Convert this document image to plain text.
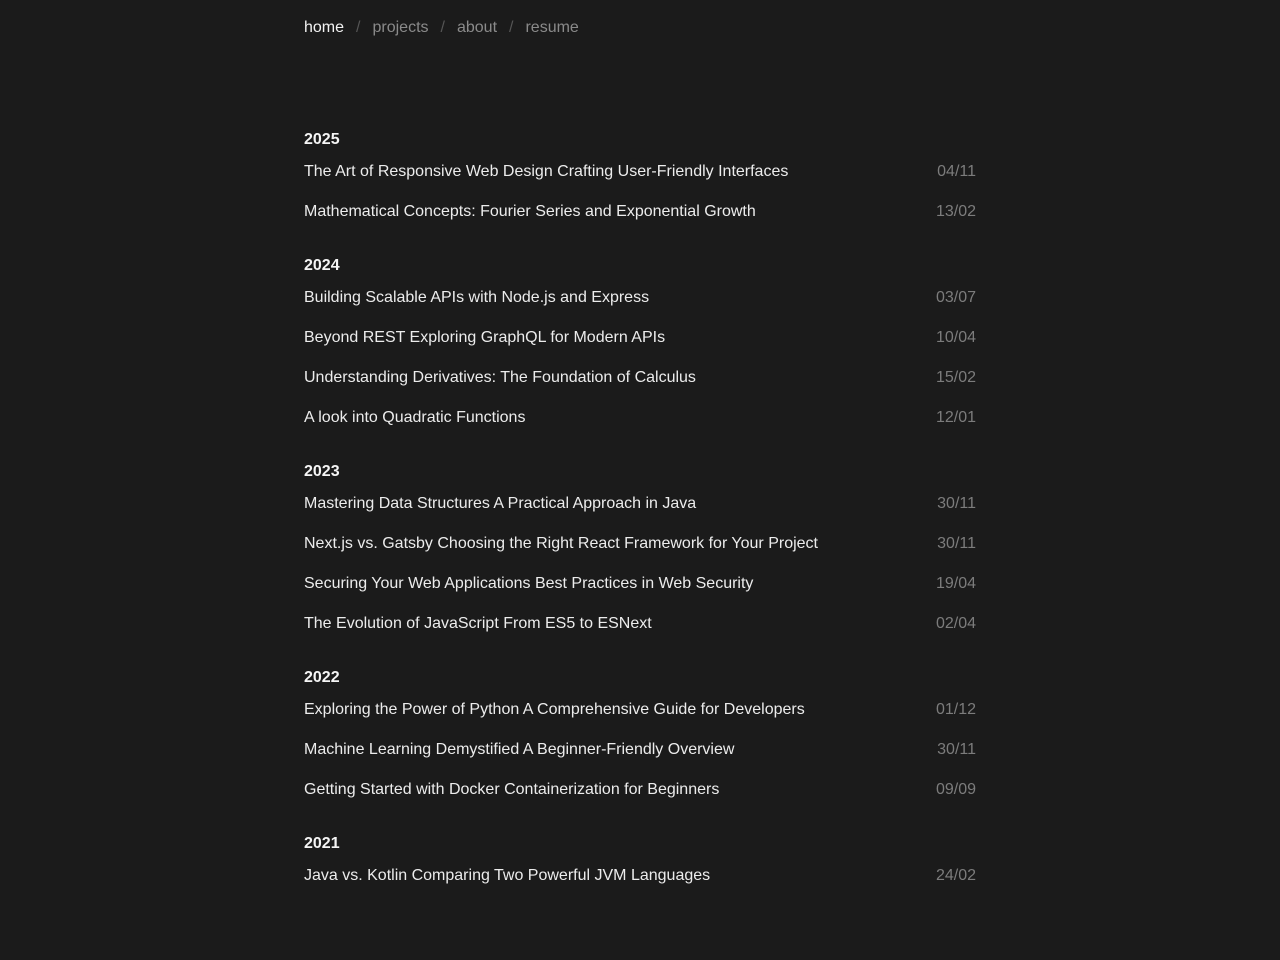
home / projects / about / resume
2025
The Art of Responsive Web Design Crafting User-Friendly Interfaces	04/11
Mathematical Concepts: Fourier Series and Exponential Growth	13/02
2024
Building Scalable APIs with Node.js and Express	03/07
Beyond REST Exploring GraphQL for Modern APIs	10/04
Understanding Derivatives: The Foundation of Calculus	15/02
A look into Quadratic Functions	12/01
2023
Mastering Data Structures A Practical Approach in Java	30/11
Next.js vs. Gatsby Choosing the Right React Framework for Your Project	30/11
Securing Your Web Applications Best Practices in Web Security	19/04
The Evolution of JavaScript From ES5 to ESNext	02/04
2022
Exploring the Power of Python A Comprehensive Guide for Developers	01/12
Machine Learning Demystified A Beginner-Friendly Overview	30/11
Getting Started with Docker Containerization for Beginners	09/09
2021
Java vs. Kotlin Comparing Two Powerful JVM Languages	24/02
